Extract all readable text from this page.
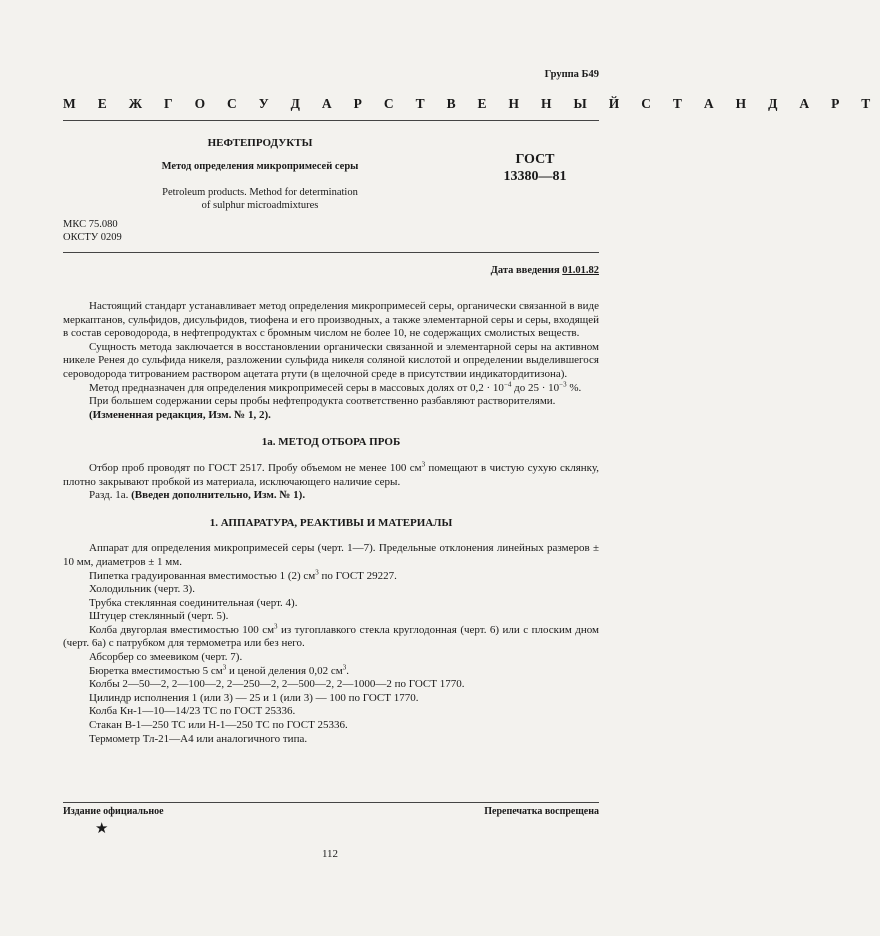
Группа Б49
М Е Ж Г О С У Д А Р С Т В Е Н Н Ы Й С Т А Н Д А Р Т
НЕФТЕПРОДУКТЫ
Метод определения микропримесей серы
Petroleum products. Method for determination
of sulphur microadmixtures
ГОСТ
13380—81
МКС 75.080
ОКСТУ 0209
Дата введения 01.01.82

Настоящий стандарт устанавливает метод определения микропримесей серы, органически связанной в виде меркаптанов, сульфидов, дисульфидов, тиофена и его производных, а также элементарной серы и серы, входящей в состав сероводорода, в нефтепродуктах с бромным числом не более 10, не содержащих смолистых веществ.

Сущность метода заключается в восстановлении органически связанной и элементарной серы на активном никеле Ренея до сульфида никеля, разложении сульфида никеля соляной кислотой и определении выделившегося сероводорода титрованием раствором ацетата ртути (в щелочной среде в присутствии индикатордитизона).

Метод предназначен для определения микропримесей серы в массовых долях от $0,2 \cdot 10^{-4}$ до $25 \cdot 10^{-3}$ %.

При большем содержании серы пробы нефтепродукта соответственно разбавляют растворителями.

(Измененная редакция, Изм. № 1, 2).

1а. МЕТОД ОТБОРА ПРОБ

Отбор проб проводят по ГОСТ 2517. Пробу объемом не менее 100 $см^3$ помещают в чистую сухую склянку, плотно закрывают пробкой из материала, исключающего наличие серы.

Разд. 1а. (Введен дополнительно, Изм. № 1).

1. АППАРАТУРА, РЕАКТИВЫ И МАТЕРИАЛЫ

Аппарат для определения микропримесей серы (черт. 1—7). Предельные отклонения линейных размеров ± 10 мм, диаметров ± 1 мм.

Пипетка градуированная вместимостью 1 (2) $см^3$ по ГОСТ 29227.

Холодильник (черт. 3).

Трубка стеклянная соединительная (черт. 4).

Штуцер стеклянный (черт. 5).

Колба двугорлая вместимостью 100 $см^3$ из тугоплавкого стекла круглодонная (черт. 6) или с плоским дном (черт. 6а) с патрубком для термометра или без него.

Абсорбер со змеевиком (черт. 7).

Бюретка вместимостью 5 $см^3$ и ценой деления 0,02 $см^3$.

Колбы 2—50—2, 2—100—2, 2—250—2, 2—500—2, 2—1000—2 по ГОСТ 1770.

Цилиндр исполнения 1 (или 3) — 25 и 1 (или 3) — 100 по ГОСТ 1770.

Колба Кн-1—10—14/23 ТС по ГОСТ 25336.

Стакан В-1—250 ТС или Н-1—250 ТС по ГОСТ 25336.

Термометр Тл-21—А4 или аналогичного типа.

Издание официальное	Перепечатка воспрещена
★
112
